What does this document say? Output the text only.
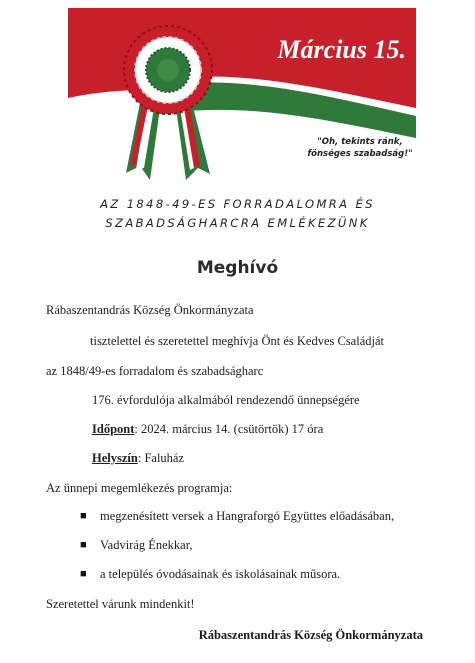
Március 15.
"Oh, tekints ránk,
fönséges szabadság!"
AZ 1848-49-ES FORRADALOMRA ÉS
SZABADSÁGHARCRA EMLÉKEZÜNK
Meghívó
Rábaszentandrás Község Önkormányzata
tisztelettel és szeretettel meghívja Önt és Kedves Családját
az 1848/49-es forradalom és szabadságharc
176. évfordulója alkalmából rendezendő ünnepségére
Időpont: 2024. március 14. (csütörtök) 17 óra
Helyszín: Faluház
Az ünnepi megemlékezés programja:
■ megzenésített versek a Hangraforgó Együttes előadásában,
■ Vadvirág Énekkar,
■ a település óvodásainak és iskolásainak műsora.
Szeretettel várunk mindenkit!
Rábaszentandrás Község Önkormányzata
